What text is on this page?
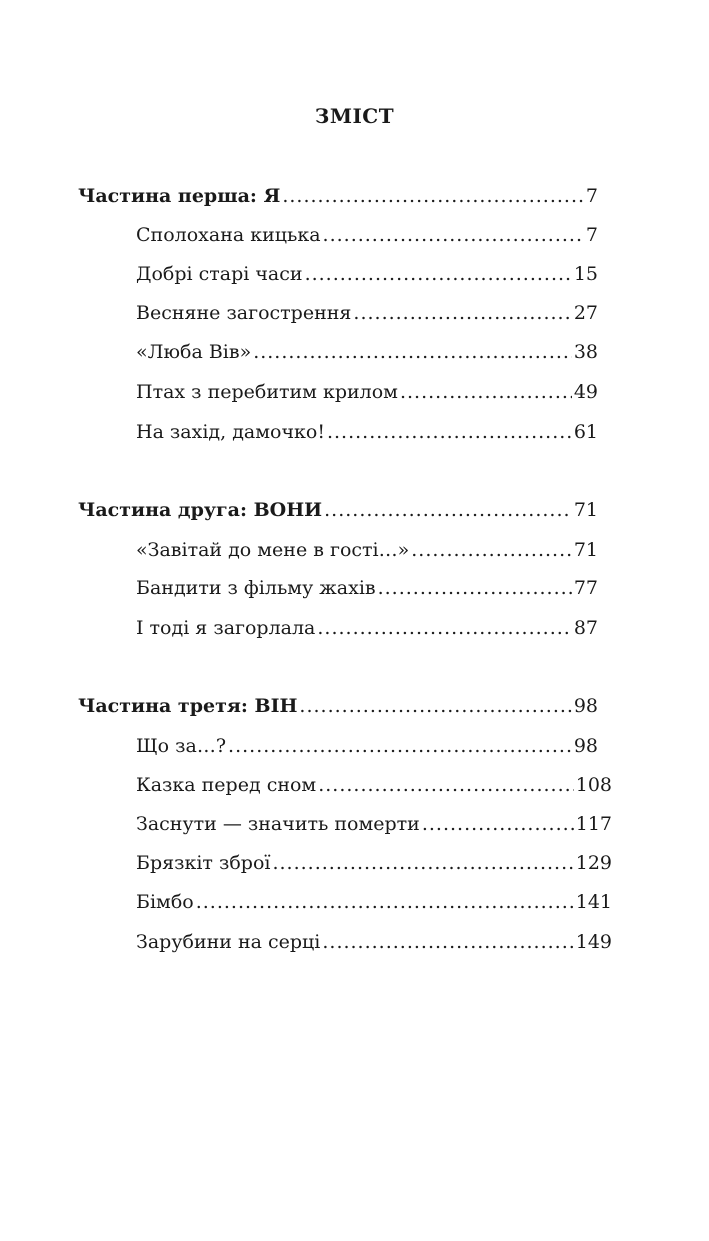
ЗМІСТ
Частина перша: Я .....	7
Сполохана кицька .....	7
Добрі старі часи .....	15
Весняне загострення .....	27
«Люба Вів» .....	38
Птах з перебитим крилом .....	49
На захід, дамочко! .....	61
Частина друга: ВОНИ .....	71
«Завітай до мене в гості…» .....	71
Бандити з фільму жахів .....	77
І тоді я загорлала .....	87
Частина третя: ВІН .....	98
Що за…? .....	98
Казка перед сном .....	108
Заснути — значить померти .....	117
Брязкіт зброї .....	129
Бімбо .....	141
Зарубини на серці .....	149
